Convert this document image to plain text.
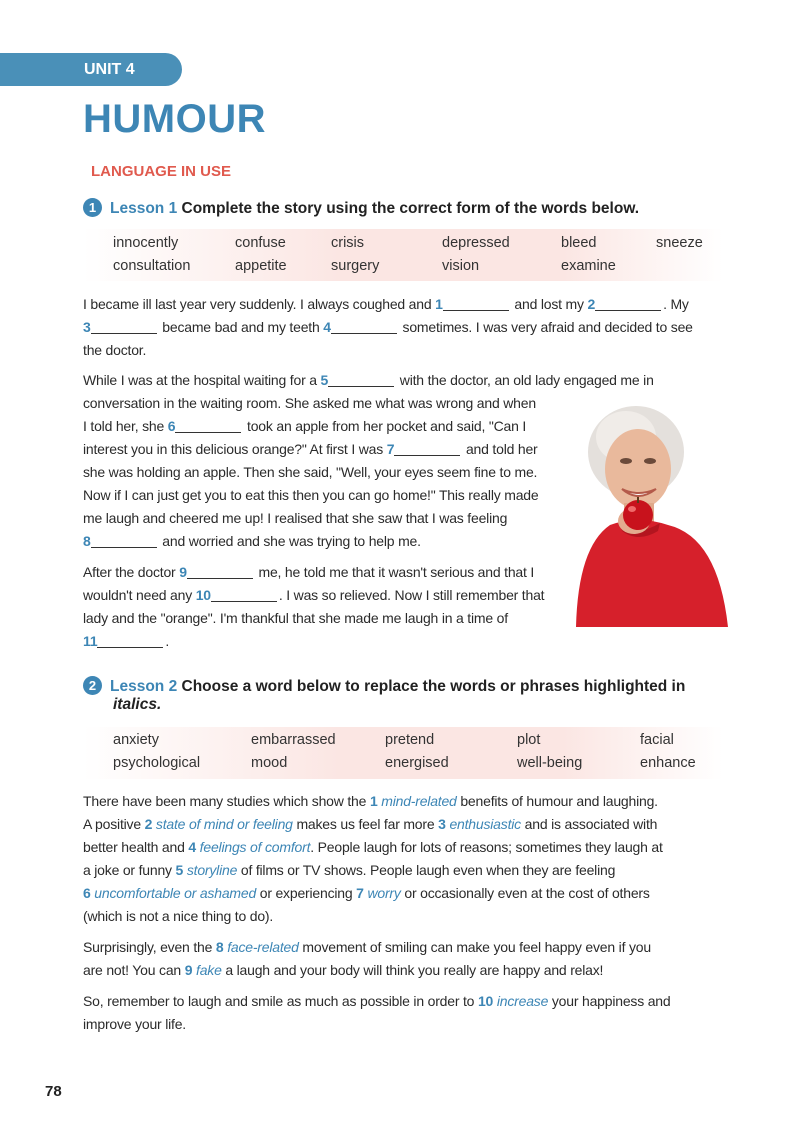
UNIT 4
HUMOUR
LANGUAGE IN USE
1 Lesson 1 Complete the story using the correct form of the words below.
innocently	confuse	crisis	depressed	bleed	sneeze
consultation	appetite	surgery	vision	examine
I became ill last year very suddenly. I always coughed and 1	and lost my 2	. My
3	became bad and my teeth 4	sometimes. I was very afraid and decided to see
the doctor.
While I was at the hospital waiting for a 5	with the doctor, an old lady engaged me in
conversation in the waiting room. She asked me what was wrong and when
I told her, she 6	took an apple from her pocket and said, "Can I
interest you in this delicious orange?" At first I was 7	and told her
she was holding an apple. Then she said, "Well, your eyes seem fine to me.
Now if I can just get you to eat this then you can go home!" This really made
me laugh and cheered me up! I realised that she saw that I was feeling
8	and worried and she was trying to help me.
After the doctor 9	me, he told me that it wasn't serious and that I
wouldn't need any 10	. I was so relieved. Now I still remember that
lady and the "orange". I'm thankful that she made me laugh in a time of
11	.
2 Lesson 2 Choose a word below to replace the words or phrases highlighted in
italics.
anxiety	embarrassed	pretend	plot	facial
psychological	mood	energised	well-being	enhance
There have been many studies which show the 1 mind-related benefits of humour and laughing.
A positive 2 state of mind or feeling makes us feel far more 3 enthusiastic and is associated with
better health and 4 feelings of comfort. People laugh for lots of reasons; sometimes they laugh at
a joke or funny 5 storyline of films or TV shows. People laugh even when they are feeling
6 uncomfortable or ashamed or experiencing 7 worry or occasionally even at the cost of others
(which is not a nice thing to do).
Surprisingly, even the 8 face-related movement of smiling can make you feel happy even if you
are not! You can 9 fake a laugh and your body will think you really are happy and relax!
So, remember to laugh and smile as much as possible in order to 10 increase your happiness and
improve your life.
78
